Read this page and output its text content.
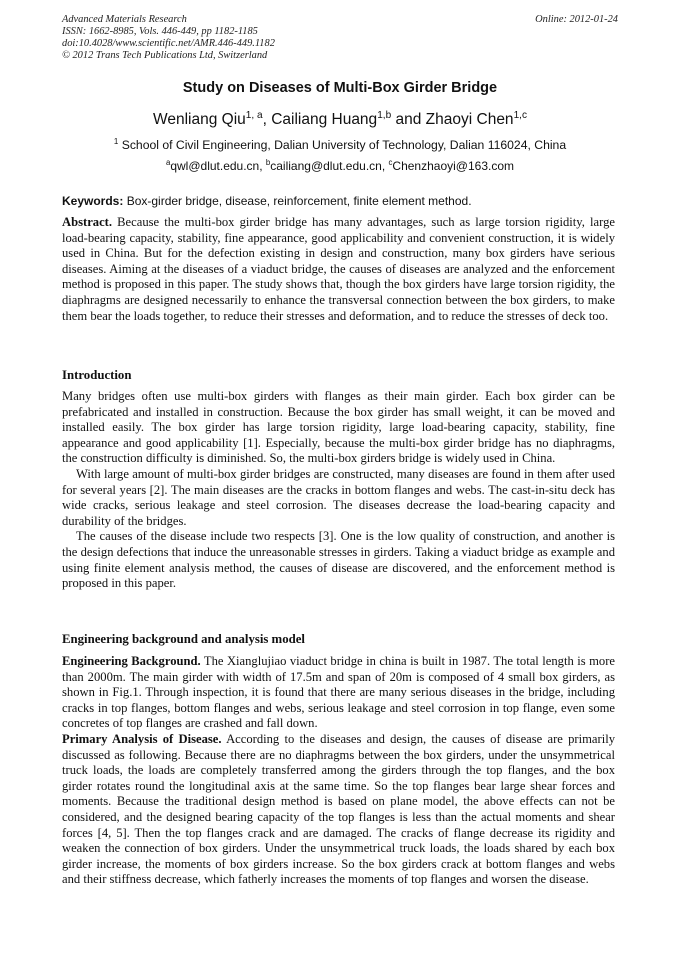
Advanced Materials Research
ISSN: 1662-8985, Vols. 446-449, pp 1182-1185
doi:10.4028/www.scientific.net/AMR.446-449.1182
© 2012 Trans Tech Publications Ltd, Switzerland
Online: 2012-01-24
Study on Diseases of Multi-Box Girder Bridge
Wenliang Qiu$^{1, a}$, Cailiang Huang$^{1,b}$ and Zhaoyi Chen$^{1,c}$
$^1$ School of Civil Engineering, Dalian University of Technology, Dalian 116024, China
$^a$qwl@dlut.edu.cn, $^b$cailiang@dlut.edu.cn, $^c$Chenzhaoyi@163.com
Keywords: Box-girder bridge, disease, reinforcement, finite element method.

Abstract. Because the multi-box girder bridge has many advantages, such as large torsion rigidity, large load-bearing capacity, stability, fine appearance, good applicability and convenient construction, it is widely used in China. But for the defection existing in design and construction, many box girders have serious diseases. Aiming at the diseases of a viaduct bridge, the causes of diseases are analyzed and the enforcement method is proposed in this paper. The study shows that, though the box girders have large torsion rigidity, the diaphragms are designed necessarily to enhance the transversal connection between the box girders, to make them bear the loads together, to reduce their stresses and deformation, and to reduce the stresses of deck too.

Introduction

Many bridges often use multi-box girders with flanges as their main girder. Each box girder can be prefabricated and installed in construction. Because the box girder has small weight, it can be moved and installed easily. The box girder has large torsion rigidity, large load-bearing capacity, stability, fine appearance and good applicability [1]. Especially, because the multi-box girder bridge has no diaphragms, the construction difficulty is diminished. So, the multi-box girders bridge is widely used in China.

With large amount of multi-box girder bridges are constructed, many diseases are found in them after used for several years [2]. The main diseases are the cracks in bottom flanges and webs. The cast-in-situ deck has wide cracks, serious leakage and steel corrosion. The diseases decrease the load-bearing capacity and durability of the bridges.

The causes of the disease include two respects [3]. One is the low quality of construction, and another is the design defections that induce the unreasonable stresses in girders. Taking a viaduct bridge as example and using finite element analysis method, the causes of disease are discovered, and the enforcement method is proposed in this paper.

Engineering background and analysis model

Engineering Background. The Xianglujiao viaduct bridge in china is built in 1987. The total length is more than 2000m. The main girder with width of 17.5m and span of 20m is composed of 4 small box girders, as shown in Fig.1. Through inspection, it is found that there are many serious diseases in the bridge, including cracks in top flanges, bottom flanges and webs, serious leakage and steel corrosion in top flange, even some concretes of top flanges are crashed and fall down.

Primary Analysis of Disease. According to the diseases and design, the causes of disease are primarily discussed as following. Because there are no diaphragms between the box girders, under the unsymmetrical truck loads, the loads are completely transferred among the girders through the top flanges, and the box girder rotates round the longitudinal axis at the same time. So the top flanges bear large shear forces and moments. Because the traditional design method is based on plane model, the above effects can not be considered, and the designed bearing capacity of the top flanges is less than the actual moments and shear forces [4, 5]. Then the top flanges crack and are damaged. The cracks of flange decrease its rigidity and weaken the connection of box girders. Under the unsymmetrical truck loads, the loads shared by each box girder increase, the moments of box girders increase. So the box girders crack at bottom flanges and webs and their stiffness decrease, which fatherly increases the moments of top flanges and worsen the disease.
